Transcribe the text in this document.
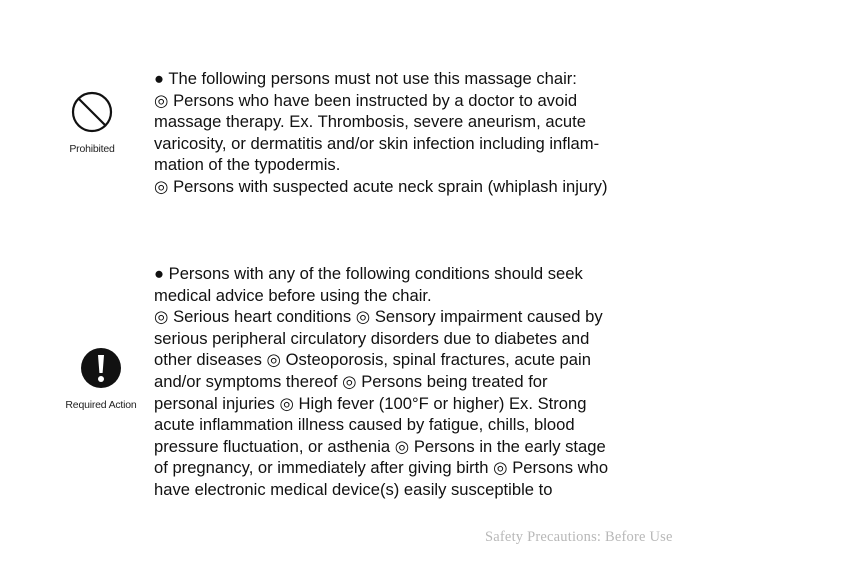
Prohibited
● The following persons must not use this massage chair:
◎ Persons who have been instructed by a doctor to avoid
massage therapy. Ex. Thrombosis, severe aneurism, acute
varicosity, or dermatitis and/or skin infection including inflam-
mation of the typodermis.
◎ Persons with suspected acute neck sprain (whiplash injury)
Required Action
● Persons with any of the following conditions should seek
medical advice before using the chair.
◎ Serious heart conditions ◎ Sensory impairment caused by
serious peripheral circulatory disorders due to diabetes and
other diseases ◎ Osteoporosis, spinal fractures, acute pain
and/or symptoms thereof ◎ Persons being treated for
personal injuries ◎ High fever (100°F or higher) Ex. Strong
acute inflammation illness caused by fatigue, chills, blood
pressure fluctuation, or asthenia ◎ Persons in the early stage
of pregnancy, or immediately after giving birth ◎ Persons who
have electronic medical device(s) easily susceptible to
Safety Precautions: Before Use
